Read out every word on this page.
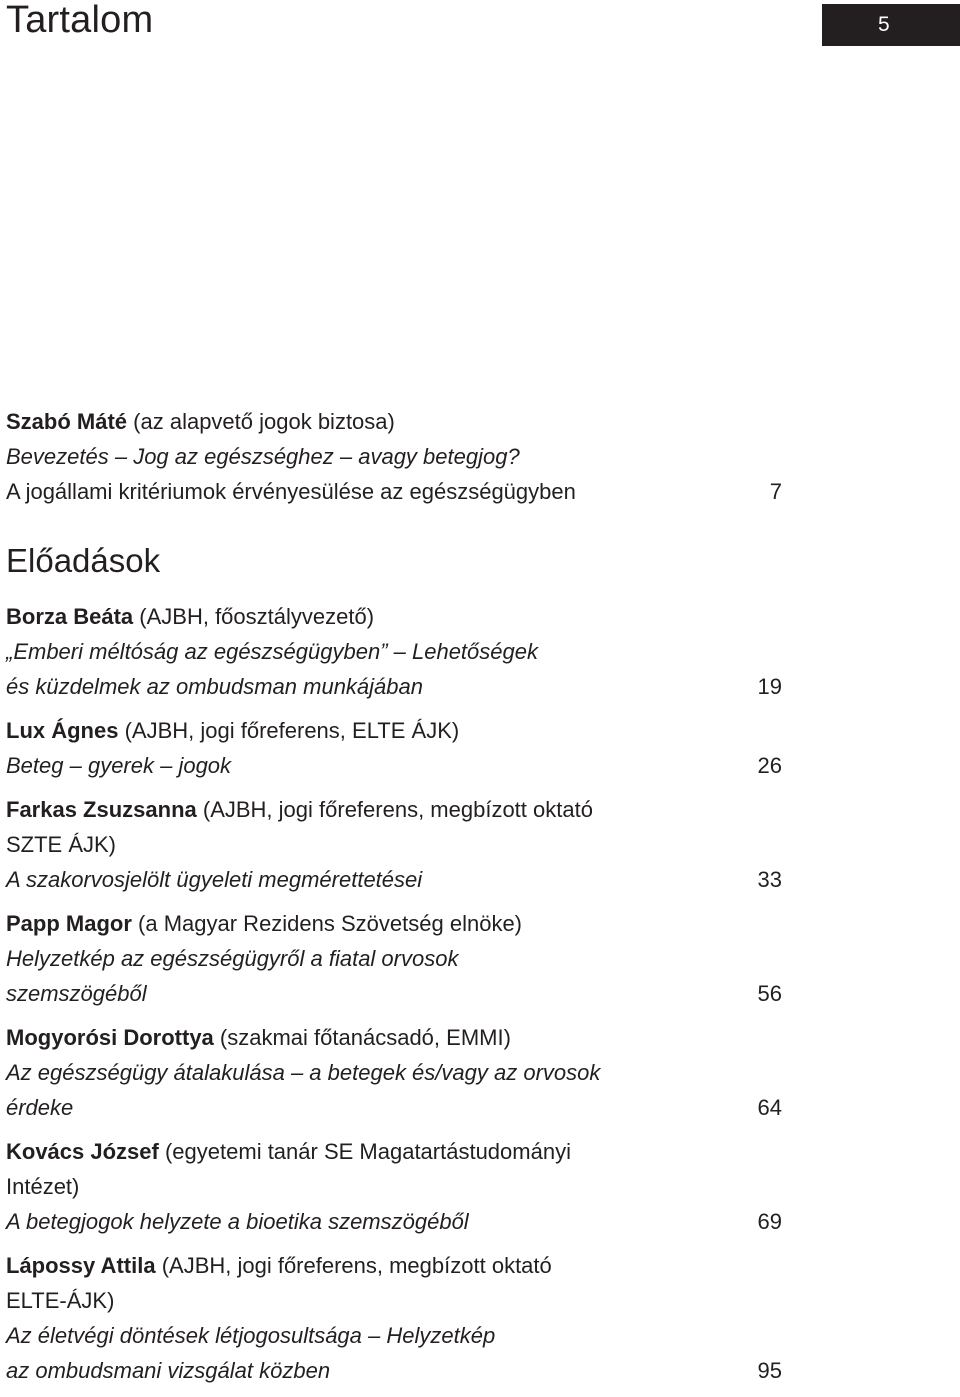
Tartalom	5
Szabó Máté (az alapvető jogok biztosa)
Bevezetés – Jog az egészséghez – avagy betegjog?
A jogállami kritériumok érvényesülése az egészségügyben	7
Előadások
Borza Beáta (AJBH, főosztályvezető)
„Emberi méltóság az egészségügyben” – Lehetőségek
és küzdelmek az ombudsman munkájában	19
Lux Ágnes (AJBH, jogi főreferens, ELTE ÁJK)
Beteg – gyerek – jogok	26
Farkas Zsuzsanna (AJBH, jogi főreferens, megbízott oktató
SZTE ÁJK)
A szakorvosjelölt ügyeleti megmérettetései	33
Papp Magor (a Magyar Rezidens Szövetség elnöke)
Helyzetkép az egészségügyről a fiatal orvosok
szemszögéből	56
Mogyorósi Dorottya (szakmai főtanácsadó, EMMI)
Az egészségügy átalakulása – a betegek és/vagy az orvosok
érdeke	64
Kovács József (egyetemi tanár SE Magatartástudományi
Intézet)
A betegjogok helyzete a bioetika szemszögéből	69
Lápossy Attila (AJBH, jogi főreferens, megbízott oktató
ELTE-ÁJK)
Az életvégi döntések létjogosultsága – Helyzetkép
az ombudsmani vizsgálat közben	95
